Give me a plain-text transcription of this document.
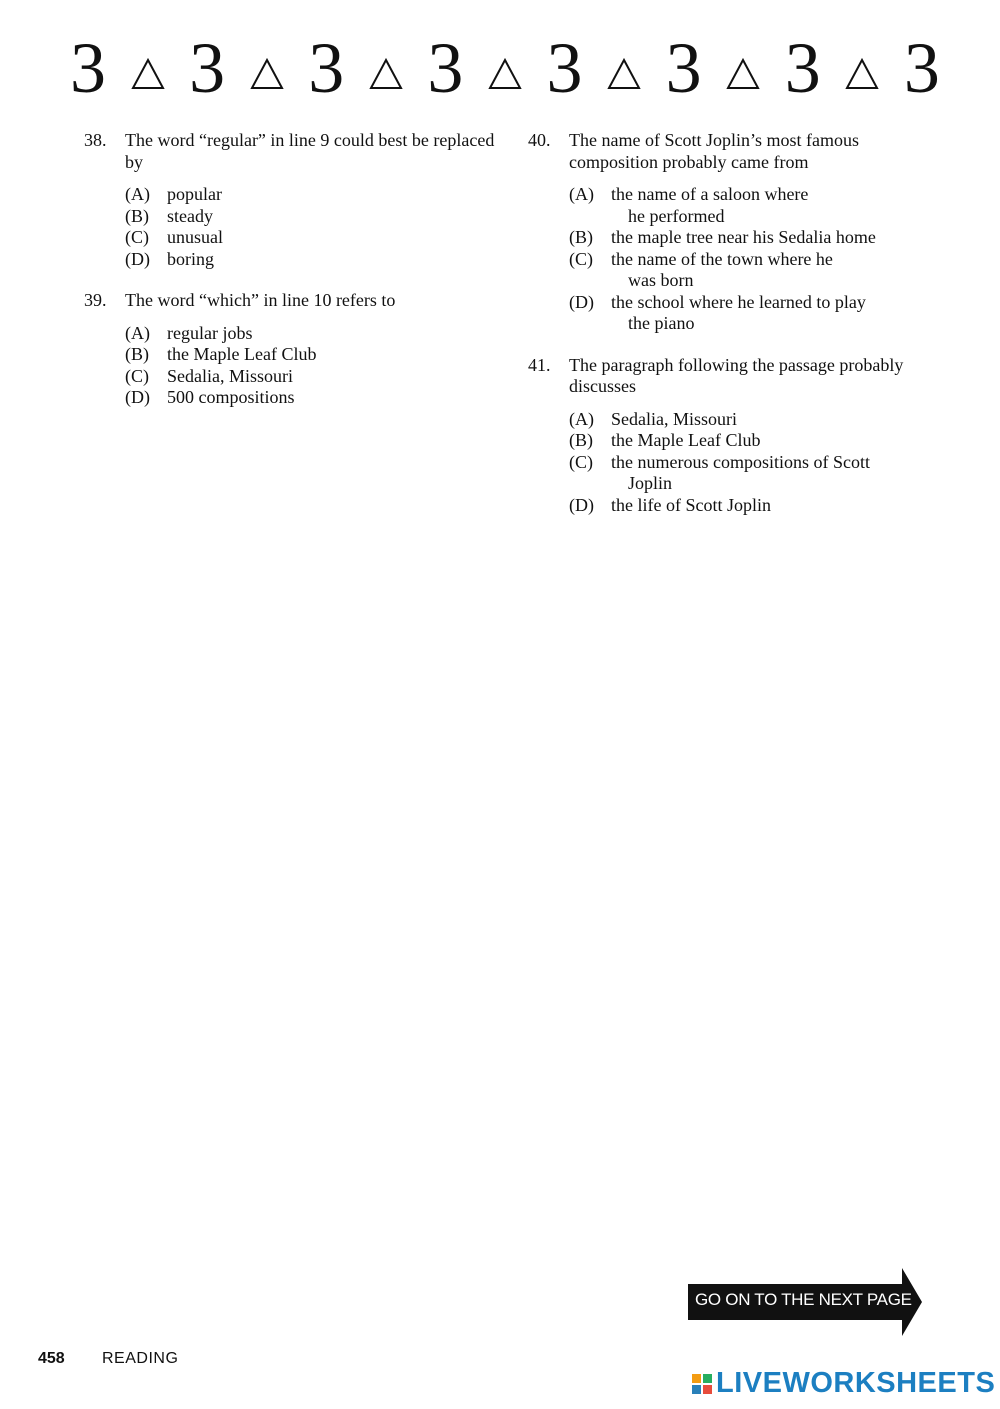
3 3 3 3 3 3 3 3
38.	The word “regular” in line 9 could best be replaced by
(A) popular
(B)	steady
(C)	unusual
(D) boring
39.	The word “which” in line 10 refers to
(A) regular jobs
(B)	the Maple Leaf Club
(C)	Sedalia, Missouri
(D) 500 compositions
40.	The name of Scott Joplin’s most famous composition probably came from
(A) the name of a saloon where
he performed
(B)	the maple tree near his Sedalia home
(C)	the name of the town where he
was born
(D) the school where he learned to play
the piano
41.	The paragraph following the passage probably discusses
(A) Sedalia, Missouri
(B)	the Maple Leaf Club
(C)	the numerous compositions of Scott
Joplin
(D) the life of Scott Joplin
GO ON TO THE NEXT PAGE
458 READING
LIVEWORKSHEETS
